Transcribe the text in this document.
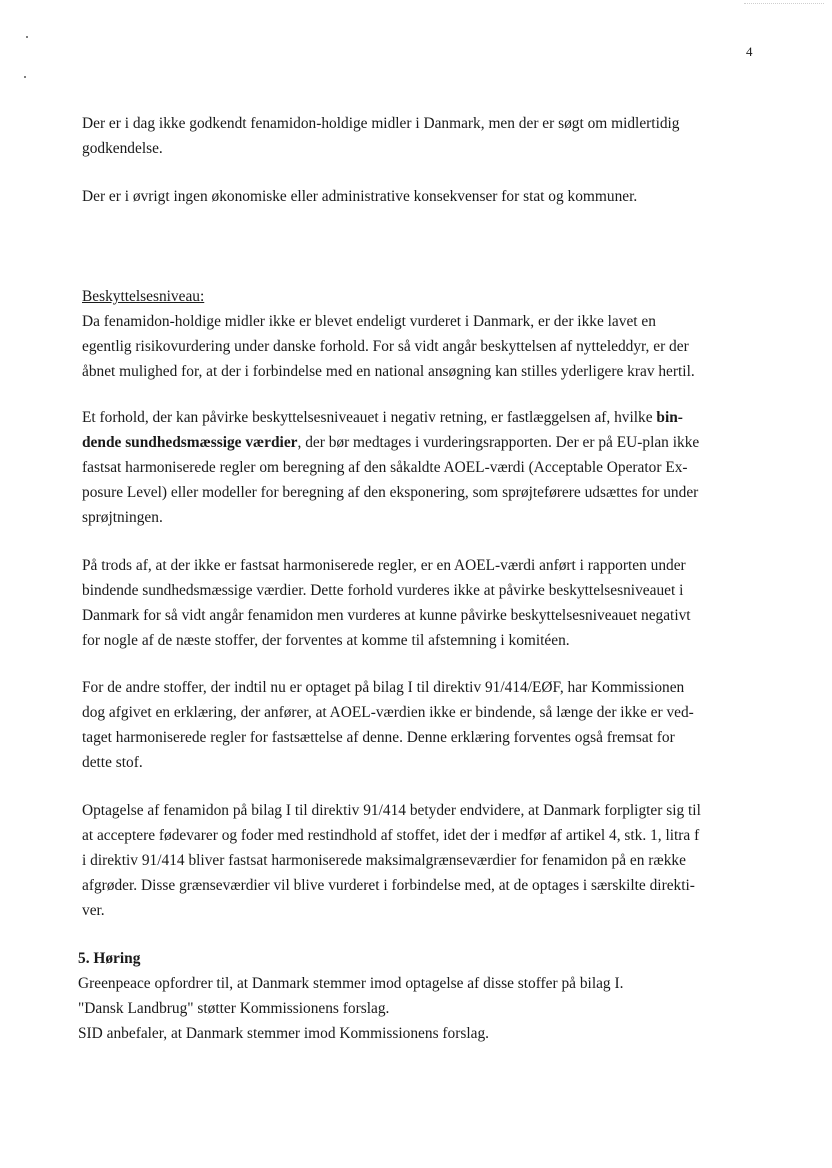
4

Der er i dag ikke godkendt fenamidon-holdige midler i Danmark, men der er søgt om midlertidig

godkendelse.

Der er i øvrigt ingen økonomiske eller administrative konsekvenser for stat og kommuner.

Beskyttelsesniveau:

Da fenamidon-holdige midler ikke er blevet endeligt vurderet i Danmark, er der ikke lavet en

egentlig risikovurdering under danske forhold. For så vidt angår beskyttelsen af nytteleddyr, er der

åbnet mulighed for, at der i forbindelse med en national ansøgning kan stilles yderligere krav hertil.

Et forhold, der kan påvirke beskyttelsesniveauet i negativ retning, er fastlæggelsen af, hvilke bin-

dende sundhedsmæssige værdier, der bør medtages i vurderingsrapporten. Der er på EU-plan ikke

fastsat harmoniserede regler om beregning af den såkaldte AOEL-værdi (Acceptable Operator Ex-

posure Level) eller modeller for beregning af den eksponering, som sprøjteførere udsættes for under

sprøjtningen.

På trods af, at der ikke er fastsat harmoniserede regler, er en AOEL-værdi anført i rapporten under

bindende sundhedsmæssige værdier. Dette forhold vurderes ikke at påvirke beskyttelsesniveauet i

Danmark for så vidt angår fenamidon men vurderes at kunne påvirke beskyttelsesniveauet negativt

for nogle af de næste stoffer, der forventes at komme til afstemning i komitéen.

For de andre stoffer, der indtil nu er optaget på bilag I til direktiv 91/414/EØF, har Kommissionen

dog afgivet en erklæring, der anfører, at AOEL-værdien ikke er bindende, så længe der ikke er ved-

taget harmoniserede regler for fastsættelse af denne. Denne erklæring forventes også fremsat for

dette stof.

Optagelse af fenamidon på bilag I til direktiv 91/414 betyder endvidere, at Danmark forpligter sig til

at acceptere fødevarer og foder med restindhold af stoffet, idet der i medfør af artikel 4, stk. 1, litra f

i direktiv 91/414 bliver fastsat harmoniserede maksimalgrænseværdier for fenamidon på en række

afgrøder. Disse grænseværdier vil blive vurderet i forbindelse med, at de optages i særskilte direkti-

ver.

5. Høring

Greenpeace opfordrer til, at Danmark stemmer imod optagelse af disse stoffer på bilag I.

"Dansk Landbrug" støtter Kommissionens forslag.

SID anbefaler, at Danmark stemmer imod Kommissionens forslag.
